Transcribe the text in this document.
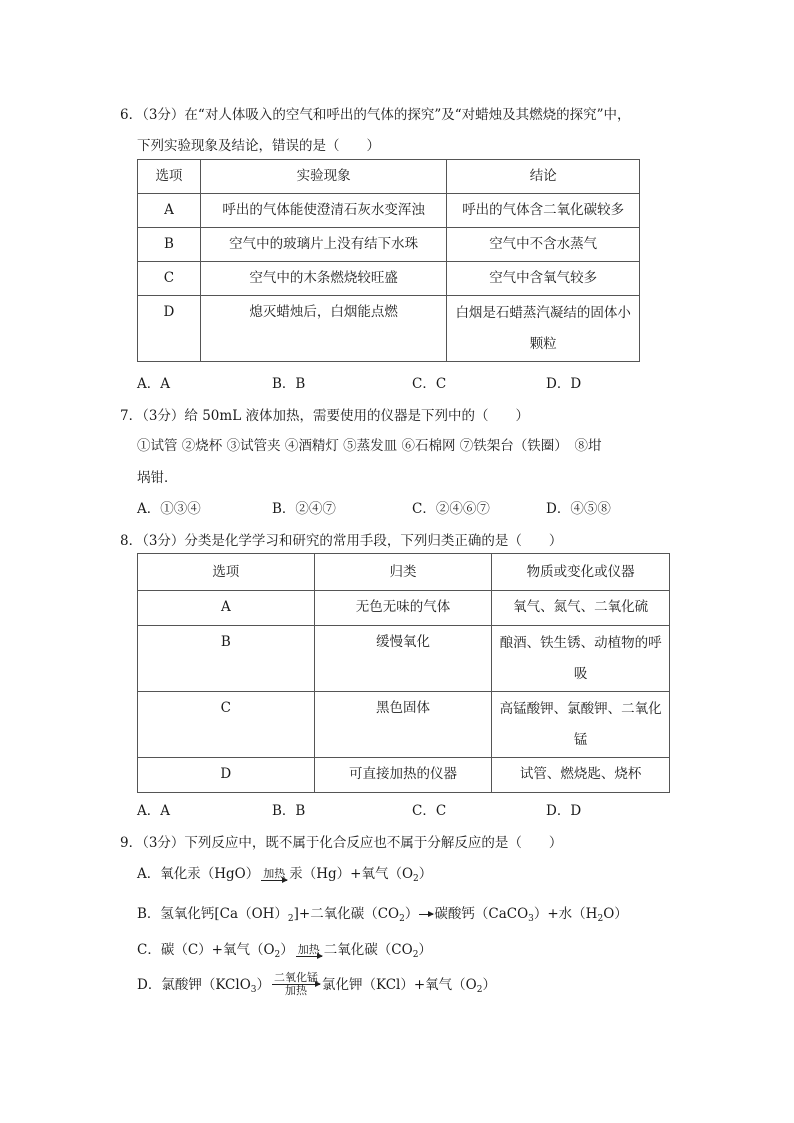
6．（3分）在“对人体吸入的空气和呼出的气体的探究”及“对蜡烛及其燃烧的探究”中，
下列实验现象及结论，错误的是（　　）
选项	实验现象	结论
A	呼出的气体能使澄清石灰水变浑浊	呼出的气体含二氧化碳较多
B	空气中的玻璃片上没有结下水珠	空气中不含水蒸气
C	空气中的木条燃烧较旺盛	空气中含氧气较多
D	熄灭蜡烛后，白烟能点燃	白烟是石蜡蒸汽凝结的固体小颗粒
A．A	B．B	C．C	D．D
7．（3分）给 50mL 液体加热，需要使用的仪器是下列中的（　　）
①试管 ②烧杯 ③试管夹 ④酒精灯 ⑤蒸发皿 ⑥石棉网 ⑦铁架台（铁圈）　⑧坩
埚钳．
A．①③④	B．②④⑦	C．②④⑥⑦	D．④⑤⑧
8．（3分）分类是化学学习和研究的常用手段，下列归类正确的是（　　）
选项	归类	物质或变化或仪器
A	无色无味的气体	氧气、氮气、二氧化硫
B	缓慢氧化	酿酒、铁生锈、动植物的呼吸
C	黑色固体	高锰酸钾、氯酸钾、二氧化锰
D	可直接加热的仪器	试管、燃烧匙、烧杯
A．A	B．B	C．C	D．D
9．（3分）下列反应中，既不属于化合反应也不属于分解反应的是（　　）
A．氧化汞（HgO） 加热 汞（Hg）+氧气$(O_2)$
B．氢氧化钙$[Ca(OH)_2]+$二氧化碳$(CO_2)\to$碳酸钙（CaCO$_3$）+水$(H_2O)$
C．碳（C）+氧气$(O_2)$ 加热 二氧化碳$(CO_2)$
D．氯酸钾（KClO$_3$） 二氧化锰
加热	氯化钾（KCl）+氧气$(O_2)$
